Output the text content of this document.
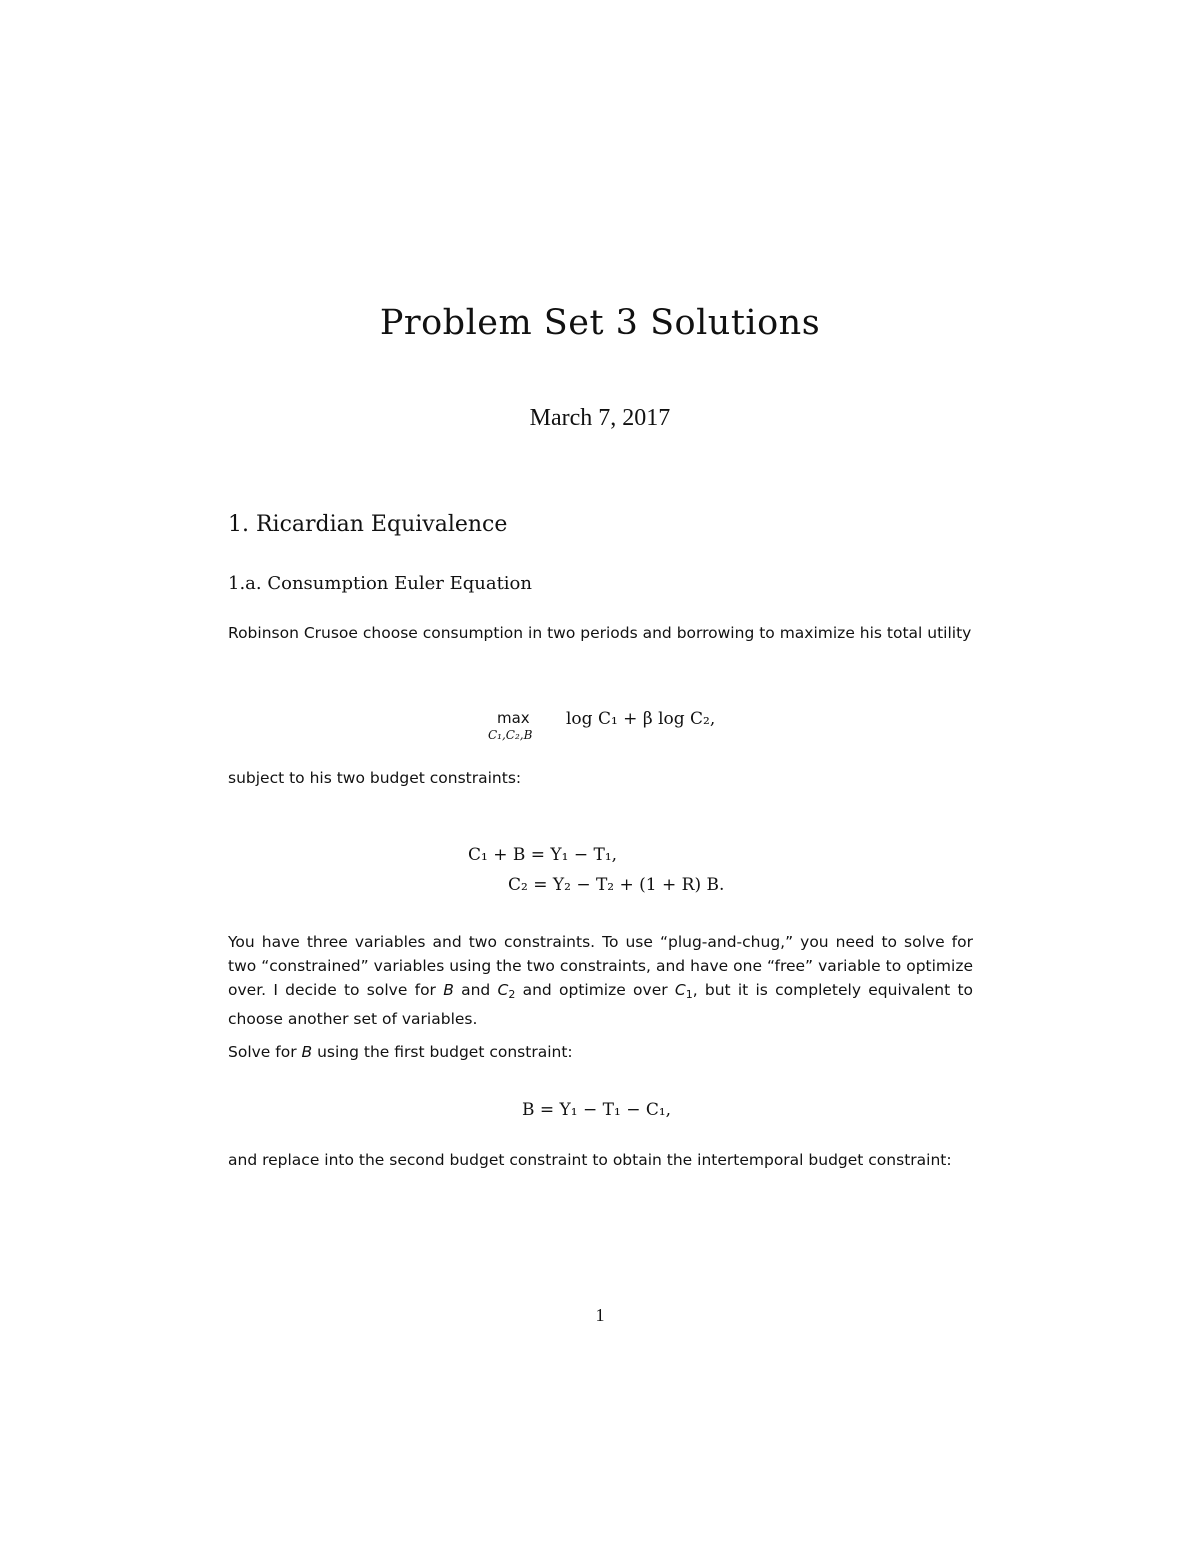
Problem Set 3 Solutions
March 7, 2017
1. Ricardian Equivalence
1.a. Consumption Euler Equation
Robinson Crusoe choose consumption in two periods and borrowing to maximize his total utility
max
C₁,C₂,B
log C₁ + β log C₂,
subject to his two budget constraints:
C₁ + B = Y₁ − T₁,
C₂ = Y₂ − T₂ + (1 + R) B.
You have three variables and two constraints. To use “plug-and-chug,” you need to solve for two “constrained” variables using the two constraints, and have one “free” variable to optimize over. I decide to solve for B and $C_2$ and optimize over $C_1$, but it is completely equivalent to choose another set of variables.
Solve for B using the first budget constraint:
B = Y₁ − T₁ − C₁,
and replace into the second budget constraint to obtain the intertemporal budget constraint:
1
